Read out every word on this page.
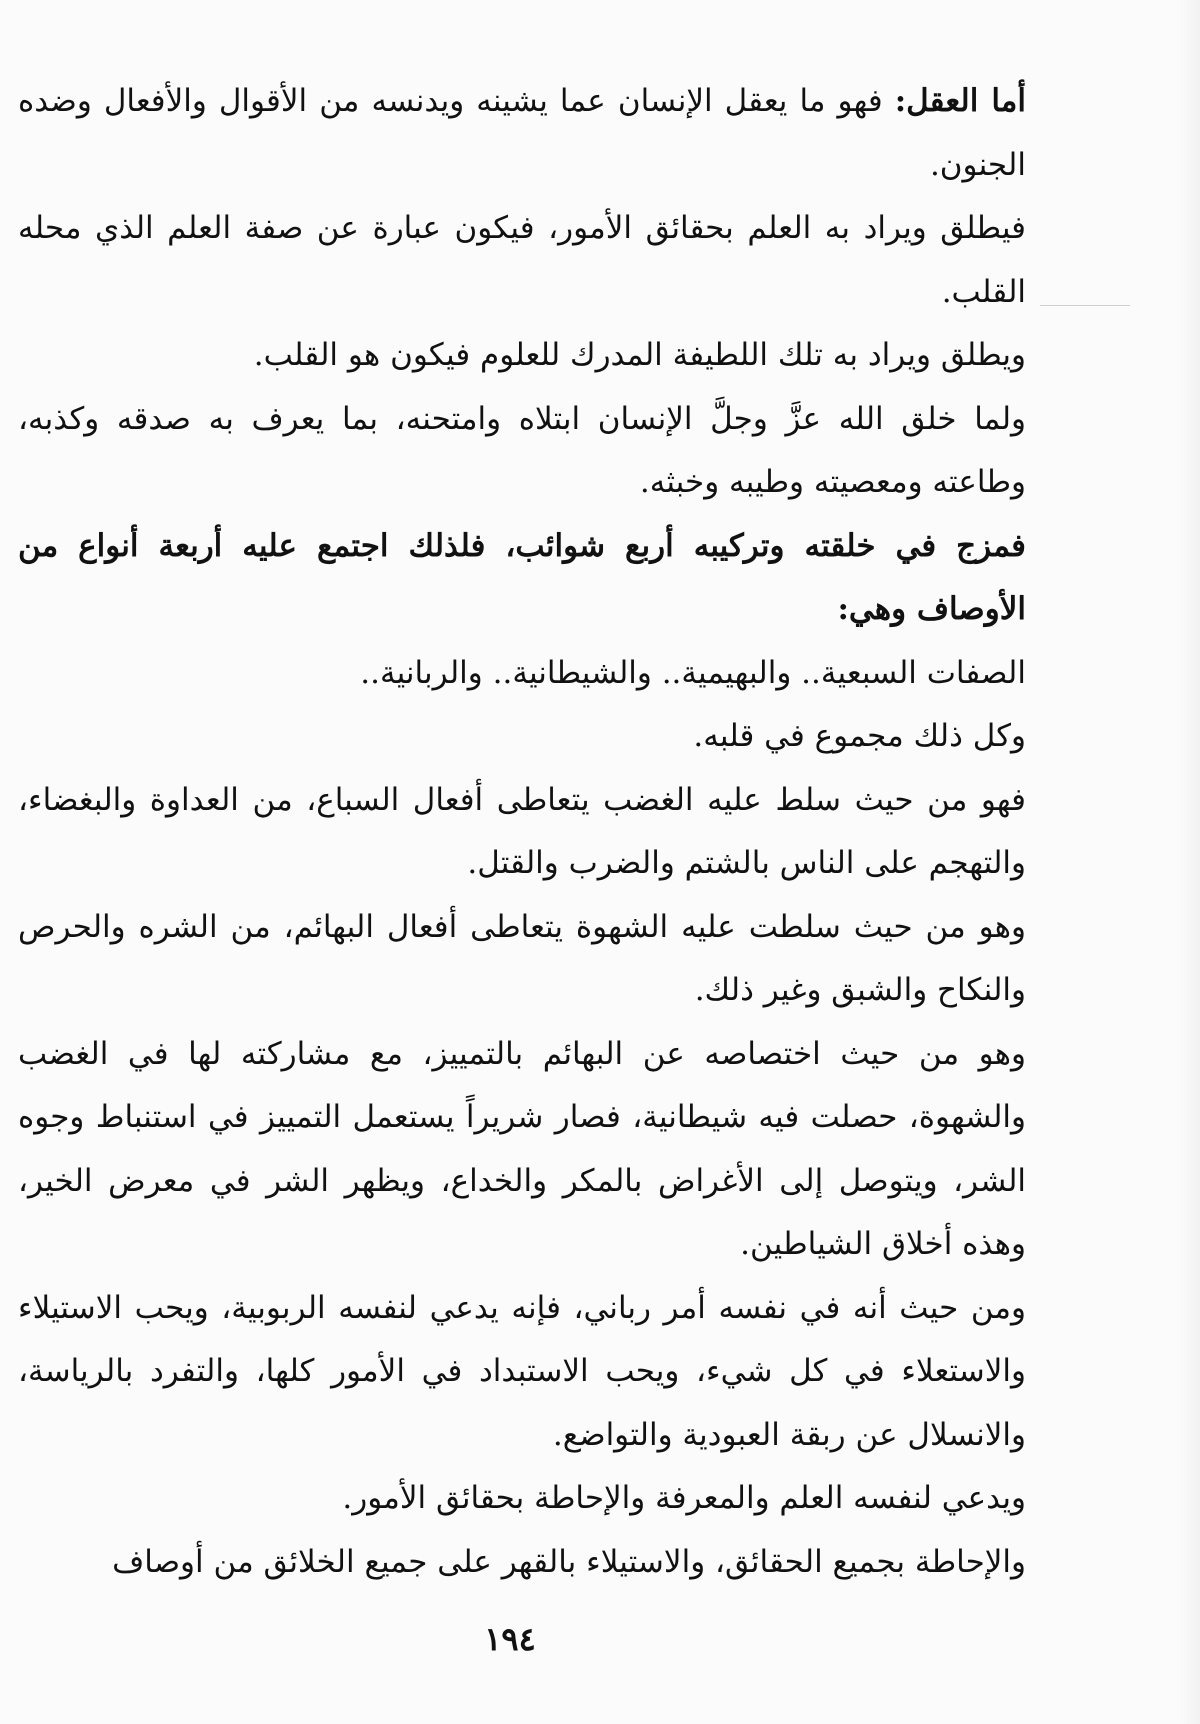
أما العقل: فهو ما يعقل الإنسان عما يشينه ويدنسه من الأقوال والأفعال وضده الجنون.

فيطلق ويراد به العلم بحقائق الأمور، فيكون عبارة عن صفة العلم الذي محله القلب.

ويطلق ويراد به تلك اللطيفة المدرك للعلوم فيكون هو القلب.

ولما خلق الله عزَّ وجلَّ الإنسان ابتلاه وامتحنه، بما يعرف به صدقه وكذبه، وطاعته ومعصيته وطيبه وخبثه.

فمزج في خلقته وتركيبه أربع شوائب، فلذلك اجتمع عليه أربعة أنواع من الأوصاف وهي:

الصفات السبعية.. والبهيمية.. والشيطانية.. والربانية..

وكل ذلك مجموع في قلبه.

فهو من حيث سلط عليه الغضب يتعاطى أفعال السباع، من العداوة والبغضاء، والتهجم على الناس بالشتم والضرب والقتل.

وهو من حيث سلطت عليه الشهوة يتعاطى أفعال البهائم، من الشره والحرص والنكاح والشبق وغير ذلك.

وهو من حيث اختصاصه عن البهائم بالتمييز، مع مشاركته لها في الغضب والشهوة، حصلت فيه شيطانية، فصار شريراً يستعمل التمييز في استنباط وجوه الشر، ويتوصل إلى الأغراض بالمكر والخداع، ويظهر الشر في معرض الخير، وهذه أخلاق الشياطين.

ومن حيث أنه في نفسه أمر رباني، فإنه يدعي لنفسه الربوبية، ويحب الاستيلاء والاستعلاء في كل شيء، ويحب الاستبداد في الأمور كلها، والتفرد بالرياسة، والانسلال عن ربقة العبودية والتواضع.

ويدعي لنفسه العلم والمعرفة والإحاطة بحقائق الأمور.

والإحاطة بجميع الحقائق، والاستيلاء بالقهر على جميع الخلائق من أوصاف

١٩٤
